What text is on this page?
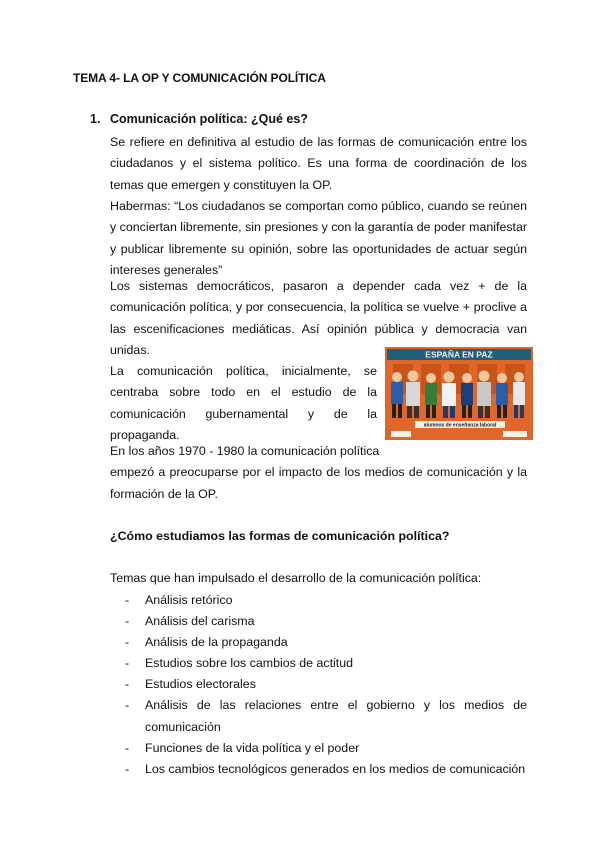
TEMA 4- LA OP Y COMUNICACIÓN POLÍTICA
1. Comunicación política: ¿Qué es?

Se refiere en definitiva al estudio de las formas de comunicación entre los ciudadanos y el sistema político. Es una forma de coordinación de los temas que emergen y constituyen la OP.

Habermas: “Los ciudadanos se comportan como público, cuando se reúnen y conciertan libremente, sin presiones y con la garantía de poder manifestar y publicar libremente su opinión, sobre las oportunidades de actuar según intereses generales”

Los sistemas democráticos, pasaron a depender cada vez + de la comunicación política, y por consecuencia, la política se vuelve + proclive a las escenificaciones mediáticas. Así opinión pública y democracia van unidas.

La comunicación política, inicialmente, se centraba sobre todo en el estudio de la comunicación gubernamental y de la propaganda.

ESPAÑA EN PAZ
alumnos de enseñanza laboral
En los años 1970 - 1980 la comunicación política
empezó a preocuparse por el impacto de los medios de comunicación y la formación de la OP.
¿Cómo estudiamos las formas de comunicación política?
Temas que han impulsado el desarrollo de la comunicación política:
- Análisis retórico
- Análisis del carisma
- Análisis de la propaganda
- Estudios sobre los cambios de actitud
- Estudios electorales
- Análisis de las relaciones entre el gobierno y los medios de comunicación
- Funciones de la vida política y el poder
- Los cambios tecnológicos generados en los medios de comunicación
